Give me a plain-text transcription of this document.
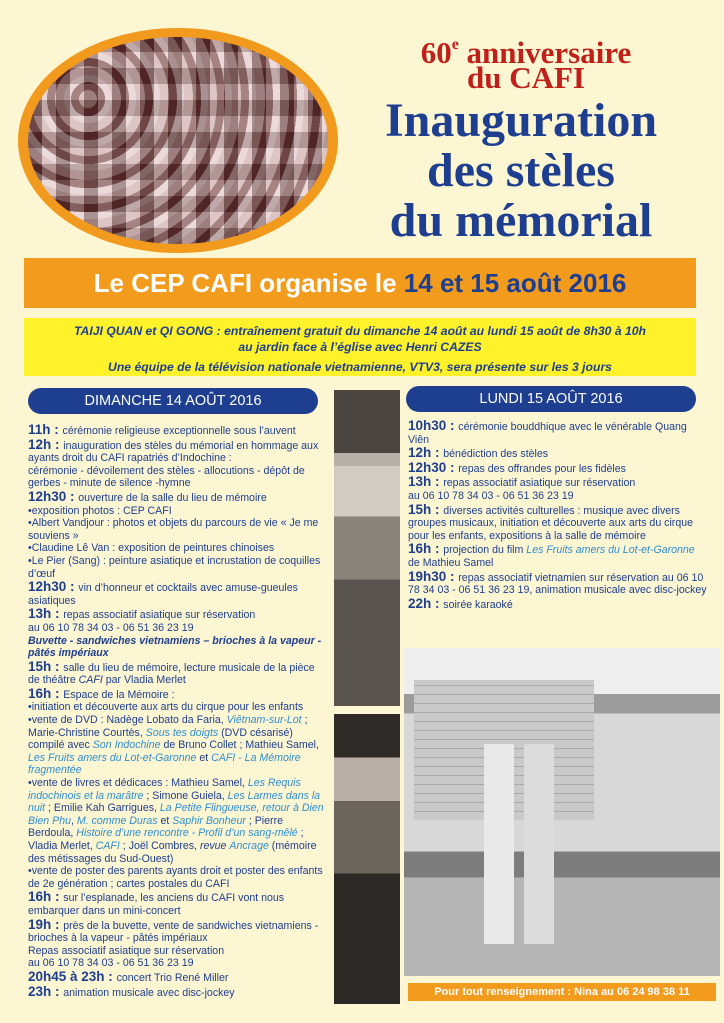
60e anniversaire
du CAFI
Inauguration
des stèles
du mémorial
Le CEP CAFI organise le 14 et 15 août 2016
TAIJI QUAN et QI GONG : entraînement gratuit du dimanche 14 août au lundi 15 août de 8h30 à 10h
au jardin face à l’église avec Henri CAZES
Une équipe de la télévision nationale vietnamienne, VTV3, sera présente sur les 3 jours
DIMANCHE 14 AOÛT 2016	LUNDI 15 AOÛT 2016
11h : cérémonie religieuse exceptionnelle sous l’auvent
12h : inauguration des stèles du mémorial en hommage aux ayants droit du CAFI rapatriés d’Indochine :
cérémonie - dévoilement des stèles - allocutions - dépôt de gerbes - minute de silence -hymne
12h30 : ouverture de la salle du lieu de mémoire
•exposition photos : CEP CAFI
•Albert Vandjour : photos et objets du parcours de vie « Je me souviens »
•Claudine Lê Van : exposition de peintures chinoises
•Le Pier (Sang) : peinture asiatique et incrustation de coquilles d’œuf
12h30 : vin d’honneur et cocktails avec amuse-gueules asiatiques
13h : repas associatif asiatique sur réservation
au 06 10 78 34 03 - 06 51 36 23 19
Buvette - sandwiches vietnamiens – brioches à la vapeur - pâtés impériaux
15h : salle du lieu de mémoire, lecture musicale de la pièce de théâtre CAFI par Vladia Merlet
16h : Espace de la Mémoire :
•initiation et découverte aux arts du cirque pour les enfants
•vente de DVD : Nadège Lobato da Faria, Viêtnam-sur-Lot ; Marie-Christine Courtès, Sous tes doigts (DVD césarisé) compilé avec Son Indochine de Bruno Collet ; Mathieu Samel, Les Fruits amers du Lot-et-Garonne et CAFI - La Mémoire fragmentée
•vente de livres et dédicaces : Mathieu Samel, Les Requis indochinois et la marâtre ; Simone Guiela, Les Larmes dans la nuit ; Emilie Kah Garrigues, La Petite Flingueuse, retour à Dien Bien Phu, M. comme Duras et Saphir Bonheur ; Pierre Berdoula, Histoire d’une rencontre - Profil d’un sang-mêlé ; Vladia Merlet, CAFI ; Joël Combres, revue Ancrage (mémoire des métissages du Sud-Ouest)
•vente de poster des parents ayants droit et poster des enfants de 2e génération ; cartes postales du CAFI
16h : sur l’esplanade, les anciens du CAFI vont nous embarquer dans un mini-concert
19h : près de la buvette, vente de sandwiches vietnamiens - brioches à la vapeur - pâtés impériaux
Repas associatif asiatique sur réservation
au 06 10 78 34 03 - 06 51 36 23 19
20h45 à 23h : concert Trio René Miller
23h : animation musicale avec disc-jockey
10h30 : cérémonie bouddhique avec le vénérable Quang Viên
12h : bénédiction des stèles
12h30 : repas des offrandes pour les fidèles
13h : repas associatif asiatique sur réservation
au 06 10 78 34 03 - 06 51 36 23 19
15h : diverses activités culturelles : musique avec divers groupes musicaux, initiation et découverte aux arts du cirque pour les enfants, expositions à la salle de mémoire
16h : projection du film Les Fruits amers du Lot-et-Garonne de Mathieu Samel
19h30 : repas associatif vietnamien sur réservation au 06 10 78 34 03 - 06 51 36 23 19, animation musicale avec disc-jockey
22h : soirée karaoké
Pour tout renseignement : Nina au 06 24 98 38 11
